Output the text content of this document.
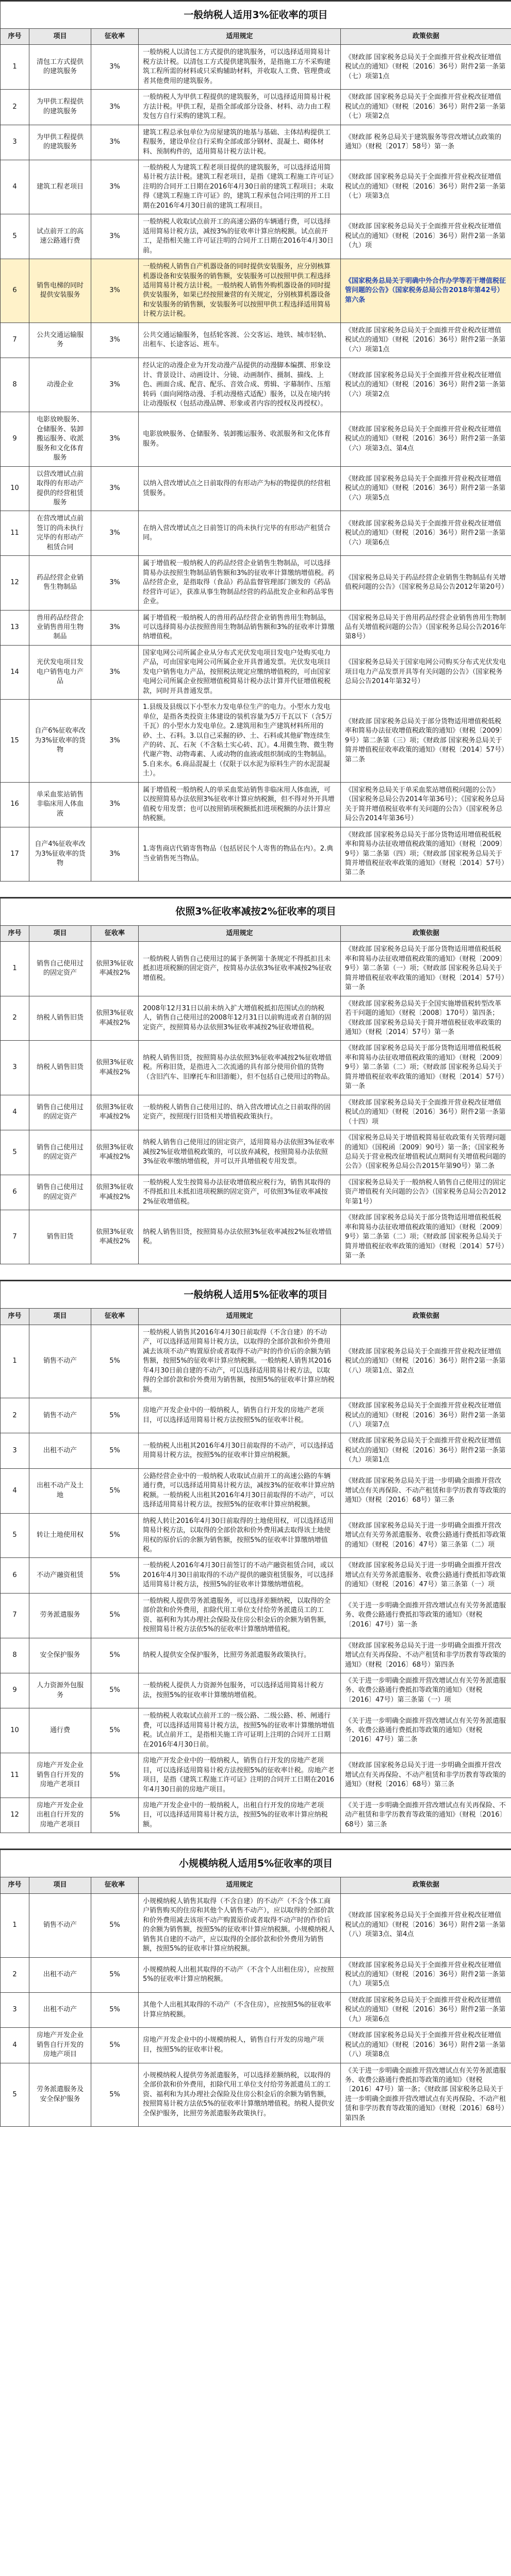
一般纳税人适用3%征收率的项目				
序号	项目	征收率	适用规定	政策依据
1	清包工方式提供的建筑服务	3%	一般纳税人以清包工方式提供的建筑服务，可以选择适用简易计税方法计税。以清包工方式提供建筑服务，是指施工方不采购建筑工程所需的材料或只采购辅助材料，并收取人工费、管理费或者其他费用的建筑服务。	《财政部 国家税务总局关于全面推开营业税改征增值税试点的通知》（财税〔2016〕36号）附件2第一条第（七）项第1点
2	为甲供工程提供的建筑服务	3%	一般纳税人为甲供工程提供的建筑服务，可以选择适用简易计税方法计税。甲供工程，是指全部或部分设备、材料、动力由工程发包方自行采购的建筑工程。	《财政部 国家税务总局关于全面推开营业税改征增值税试点的通知》（财税〔2016〕36号）附件2第一条第（七）项第2点
3	为甲供工程提供的建筑服务	3%	建筑工程总承包单位为房屋建筑的地基与基础、主体结构提供工程服务，建设单位自行采购全部或部分钢材、混凝土、砌体材料、预制构件的，适用简易计税方法计税。	《财政部 税务总局关于建筑服务等营改增试点政策的通知》（财税〔2017〕58号）第一条
4	建筑工程老项目	3%	一般纳税人为建筑工程老项目提供的建筑服务，可以选择适用简易计税方法计税。建筑工程老项目，是指《建筑工程施工许可证》注明的合同开工日期在2016年4月30日前的建筑工程项目；未取得《建筑工程施工许可证》的，建筑工程承包合同注明的开工日期在2016年4月30日前的建筑工程项目。	《财政部 国家税务总局关于全面推开营业税改征增值税试点的通知》（财税〔2016〕36号）附件2第一条第（七）项第3点
5	试点前开工的高速公路通行费	3%	一般纳税人收取试点前开工的高速公路的车辆通行费，可以选择适用简易计税方法，减按3%的征收率计算应纳税额。试点前开工，是指相关施工许可证注明的合同开工日期在2016年4月30日前。	《财政部 国家税务总局关于全面推开营业税改征增值税试点的通知》（财税〔2016〕36号）附件2第一条第（九）项
6	销售电梯的同时提供安装服务	3%	一般纳税人销售自产机器设备的同时提供安装服务，应分别核算机器设备和安装服务的销售额，安装服务可以按照甲供工程选择适用简易计税方法计税。一般纳税人销售外购机器设备的同时提供安装服务，如果已经按照兼营的有关规定，分别核算机器设备和安装服务的销售额，安装服务可以按照甲供工程选择适用简易计税方法计税。	《国家税务总局关于明确中外合作办学等若干增值税征管问题的公告》（国家税务总局公告2018年第42号）第六条
7	公共交通运输服务	3%	公共交通运输服务，包括轮客渡、公交客运、地铁、城市轻轨、出租车、长途客运、班车。	《财政部 国家税务总局关于全面推开营业税改征增值税试点的通知》（财税〔2016〕36号）附件2第一条第（六）项第1点
8	动漫企业	3%	经认定的动漫企业为开发动漫产品提供的动漫脚本编撰、形象设计、背景设计、动画设计、分镜、动画制作、摄制、描线、上色、画面合成、配音、配乐、音效合成、剪辑、字幕制作、压缩转码（面向网络动漫、手机动漫格式适配）服务，以及在境内转让动漫版权（包括动漫品牌、形象或者内容的授权及再授权）。	《财政部 国家税务总局关于全面推开营业税改征增值税试点的通知》（财税〔2016〕36号）附件2第一条第（六）项第2点
9	电影放映服务、仓储服务、装卸搬运服务、收派服务和文化体育服务	3%	电影放映服务、仓储服务、装卸搬运服务、收派服务和文化体育服务。	《财政部 国家税务总局关于全面推开营业税改征增值税试点的通知》（财税〔2016〕36号）附件2第一条第（六）项第3点、第4点
10	以营改增试点前取得的有形动产提供的经营租赁服务	3%	以纳入营改增试点之日前取得的有形动产为标的物提供的经营租赁服务。	《财政部 国家税务总局关于全面推开营业税改征增值税试点的通知》（财税〔2016〕36号）附件2第一条第（六）项第5点
11	在营改增试点前签订的尚未执行完毕的有形动产租赁合同	3%	在纳入营改增试点之日前签订的尚未执行完毕的有形动产租赁合同。	《财政部 国家税务总局关于全面推开营业税改征增值税试点的通知》（财税〔2016〕36号）附件2第一条第（六）项第6点
12	药品经营企业销售生物制品	3%	属于增值税一般纳税人的药品经营企业销售生物制品，可以选择简易办法按照生物制品销售额和3%的征收率计算缴纳增值税。药品经营企业，是指取得（食品）药品监督管理部门颁发的《药品经营许可证》，获准从事生物制品经营的药品批发企业和药品零售企业。	《国家税务总局关于药品经营企业销售生物制品有关增值税问题的公告》（国家税务总局公告2012年第20号）
13	兽用药品经营企业销售兽用生物制品	3%	属于增值税一般纳税人的兽用药品经营企业销售兽用生物制品，可以选择简易办法按照兽用生物制品销售额和3%的征收率计算缴纳增值税。	《国家税务总局关于兽用药品经营企业销售兽用生物制品有关增值税问题的公告》（国家税务总局公告2016年第8号）
14	光伏发电项目发电户销售电力产品	3%	国家电网公司所属企业从分布式光伏发电项目发电户处购买电力产品，可由国家电网公司所属企业开具普通发票。光伏发电项目发电户销售电力产品，按照税法规定应缴纳增值税的，可由国家电网公司所属企业按照增值税简易计税办法计算并代征增值税税款，同时开具普通发票。	《国家税务总局关于国家电网公司购买分布式光伏发电项目电力产品发票开具等有关问题的公告》（国家税务总局公告2014年第32号）
15	自产6%征收率改为3%征收率的货物	3%	1.县级及县级以下小型水力发电单位生产的电力。小型水力发电单位，是指各类投资主体建设的装机容量为5万千瓦以下（含5万千瓦）的小型水力发电单位。2.建筑用和生产建筑材料所用的砂、土、石料。3.以自己采掘的砂、土、石料或其他矿物连续生产的砖、瓦、石灰（不含粘土实心砖、瓦）。4.用微生物、微生物代谢产物、动物毒素、人或动物的血液或组织制成的生物制品。5.自来水。6.商品混凝土（仅限于以水泥为原料生产的水泥混凝土）。	《财政部 国家税务总局关于部分货物适用增值税低税率和简易办法征收增值税政策的通知》（财税〔2009〕9号）第二条第（三）项；《财政部 国家税务总局关于简并增值税征收率政策的通知》（财税〔2014〕57号）第二条
16	单采血浆站销售非临床用人体血液	3%	属于增值税一般纳税人的单采血浆站销售非临床用人体血液，可以按照简易办法依照3%征收率计算应纳税额，但不得对外开具增值税专用发票；也可以按照销项税额抵扣进项税额的办法计算应纳税额。	《国家税务总局关于单采血浆站增值税问题的公告》（国家税务总局公告2014年第36号）；《国家税务总局关于简并增值税征收率有关问题的公告》（国家税务总局公告2014年第36号）
17	自产4%征收率改为3%征收率的货物	3%	1.寄售商店代销寄售物品（包括居民个人寄售的物品在内）。2.典当业销售死当物品。	《财政部 国家税务总局关于部分货物适用增值税低税率和简易办法征收增值税政策的通知》（财税〔2009〕9号）第二条第（四）项；《财政部 国家税务总局关于简并增值税征收率政策的通知》（财税〔2014〕57号）第二条

依照3%征收率减按2%征收率的项目				
序号	项目	征收率	适用规定	政策依据
1	销售自己使用过的固定资产	依照3%征收率减按2%	一般纳税人销售自己使用过的属于条例第十条规定不得抵扣且未抵扣进项税额的固定资产，按简易办法依3%征收率减按2%征收增值税。	《财政部 国家税务总局关于部分货物适用增值税低税率和简易办法征收增值税政策的通知》（财税〔2009〕9号）第二条第（一）项；《财政部 国家税务总局关于简并增值税征收率政策的通知》（财税〔2014〕57号）第一条
2	纳税人销售旧货	依照3%征收率减按2%	2008年12月31日以前未纳入扩大增值税抵扣范围试点的纳税人，销售自己使用过的2008年12月31日以前购进或者自制的固定资产，按照简易办法依照3%征收率减按2%征收增值税。	《财政部 国家税务总局关于全国实施增值税转型改革若干问题的通知》（财税〔2008〕170号）第四条；《财政部 国家税务总局关于简并增值税征收率政策的通知》（财税〔2014〕57号）第一条
3	纳税人销售旧货	依照3%征收率减按2%	纳税人销售旧货，按照简易办法依照3%征收率减按2%征收增值税。所称旧货，是指进入二次流通的具有部分使用价值的货物（含旧汽车、旧摩托车和旧游艇），但不包括自己使用过的物品。	《财政部 国家税务总局关于部分货物适用增值税低税率和简易办法征收增值税政策的通知》（财税〔2009〕9号）第二条第（二）项；《财政部 国家税务总局关于简并增值税征收率政策的通知》（财税〔2014〕57号）第一条
4	销售自己使用过的固定资产	依照3%征收率减按2%	一般纳税人销售自己使用过的、纳入营改增试点之日前取得的固定资产，按照现行旧货相关增值税政策执行。	《财政部 国家税务总局关于全面推开营业税改征增值税试点的通知》（财税〔2016〕36号）附件2第一条第（十四）项
5	销售自己使用过的固定资产	依照3%征收率减按2%	纳税人销售自己使用过的固定资产，适用简易办法依照3%征收率减按2%征收增值税政策的，可以放弃减税，按照简易办法依照3%征收率缴纳增值税，并可以开具增值税专用发票。	《国家税务总局关于增值税简易征收政策有关管理问题的通知》（国税函〔2009〕90号）第一条；《国家税务总局关于营业税改征增值税试点期间有关增值税问题的公告》（国家税务总局公告2015年第90号）第二条
6	销售自己使用过的固定资产	依照3%征收率减按2%	一般纳税人发生按简易办法征收增值税应税行为，销售其取得的不得抵扣且未抵扣进项税额的固定资产，可依照3%征收率减按2%征收增值税。	《国家税务总局关于一般纳税人销售自己使用过的固定资产增值税有关问题的公告》（国家税务总局公告2012年第1号）
7	销售旧货	依照3%征收率减按2%	纳税人销售旧货，按照简易办法依照3%征收率减按2%征收增值税。	《财政部 国家税务总局关于部分货物适用增值税低税率和简易办法征收增值税政策的通知》（财税〔2009〕9号）第二条第（二）项；《财政部 国家税务总局关于简并增值税征收率政策的通知》（财税〔2014〕57号）第一条

一般纳税人适用5%征收率的项目				
序号	项目	征收率	适用规定	政策依据
1	销售不动产	5%	一般纳税人销售其2016年4月30日前取得（不含自建）的不动产，可以选择适用简易计税方法，以取得的全部价款和价外费用减去该项不动产购置原价或者取得不动产时的作价后的余额为销售额，按照5%的征收率计算应纳税额。一般纳税人销售其2016年4月30日前自建的不动产，可以选择适用简易计税方法，以取得的全部价款和价外费用为销售额，按照5%的征收率计算应纳税额。	《财政部 国家税务总局关于全面推开营业税改征增值税试点的通知》（财税〔2016〕36号）附件2第一条第（八）项第1点、第2点
2	销售不动产	5%	房地产开发企业中的一般纳税人，销售自行开发的房地产老项目，可以选择适用简易计税方法按照5%的征收率计税。	《财政部 国家税务总局关于全面推开营业税改征增值税试点的通知》（财税〔2016〕36号）附件2第一条第（八）项第7点
3	出租不动产	5%	一般纳税人出租其2016年4月30日前取得的不动产，可以选择适用简易计税方法，按照5%的征收率计算应纳税额。	《财政部 国家税务总局关于全面推开营业税改征增值税试点的通知》（财税〔2016〕36号）附件2第一条第（九）项第1点
4	出租不动产及土地	5%	公路经营企业中的一般纳税人收取试点前开工的高速公路的车辆通行费，可以选择适用简易计税方法，减按3%的征收率计算应纳税额。一般纳税人出租其2016年4月30日前取得的不动产，可以选择适用简易计税方法，按照5%的征收率计算应纳税额。	《财政部 国家税务总局关于进一步明确全面推开营改增试点有关再保险、不动产租赁和非学历教育等政策的通知》（财税〔2016〕68号）第三条
5	转让土地使用权	5%	纳税人转让2016年4月30日前取得的土地使用权，可以选择适用简易计税方法，以取得的全部价款和价外费用减去取得该土地使用权的原价后的余额为销售额，按照5%的征收率计算缴纳增值税。	《财政部 国家税务总局关于进一步明确全面推开营改增试点有关劳务派遣服务、收费公路通行费抵扣等政策的通知》（财税〔2016〕47号）第三条第（二）项
6	不动产融资租赁	5%	一般纳税人2016年4月30日前签订的不动产融资租赁合同，或以2016年4月30日前取得的不动产提供的融资租赁服务，可以选择适用简易计税方法，按照5%的征收率计算缴纳增值税。	《财政部 国家税务总局关于进一步明确全面推开营改增试点有关劳务派遣服务、收费公路通行费抵扣等政策的通知》（财税〔2016〕47号）第三条第（一）项
7	劳务派遣服务	5%	一般纳税人提供劳务派遣服务，可以选择差额纳税，以取得的全部价款和价外费用，扣除代用工单位支付给劳务派遣员工的工资、福利和为其办理社会保险及住房公积金后的余额为销售额，按照简易计税方法依5%的征收率计算缴纳增值税。	《关于进一步明确全面推开营改增试点有关劳务派遣服务、收费公路通行费抵扣等政策的通知》（财税〔2016〕47号）第一条
8	安全保护服务	5%	纳税人提供安全保护服务，比照劳务派遣服务政策执行。	《财政部 国家税务总局关于进一步明确全面推开营改增试点有关再保险、不动产租赁和非学历教育等政策的通知》（财税〔2016〕68号）第四条
9	人力资源外包服务	5%	一般纳税人提供人力资源外包服务，可以选择适用简易计税方法，按照5%的征收率计算缴纳增值税。	《关于进一步明确全面推开营改增试点有关劳务派遣服务、收费公路通行费抵扣等政策的通知》（财税〔2016〕47号）第三条第（一）项
10	通行费	5%	一般纳税人收取试点前开工的一级公路、二级公路、桥、闸通行费，可以选择适用简易计税方法，按照5%的征收率计算缴纳增值税。试点前开工，是指相关施工许可证明上注明的合同开工日期在2016年4月30日前。	《关于进一步明确全面推开营改增试点有关劳务派遣服务、收费公路通行费抵扣等政策的通知》（财税〔2016〕47号）第二条
11	房地产开发企业销售自行开发的房地产老项目	5%	房地产开发企业中的一般纳税人，销售自行开发的房地产老项目，可以选择适用简易计税方法按照5%的征收率计税。房地产老项目，是指《建筑工程施工许可证》注明的合同开工日期在2016年4月30日前的房地产项目。	《财政部 国家税务总局关于进一步明确全面推开营改增试点有关再保险、不动产租赁和非学历教育等政策的通知》（财税〔2016〕68号）第三条
12	房地产开发企业出租自行开发的房地产老项目	5%	房地产开发企业中的一般纳税人，出租自行开发的房地产老项目，可以选择适用简易计税方法，按照5%的征收率计算应纳税额。	《关于进一步明确全面推开营改增试点有关再保险、不动产租赁和非学历教育等政策的通知》（财税〔2016〕68号）第三条

小规模纳税人适用5%征收率的项目				
序号	项目	征收率	适用规定	政策依据
1	销售不动产	5%	小规模纳税人销售其取得（不含自建）的不动产（不含个体工商户销售购买的住房和其他个人销售不动产），应以取得的全部价款和价外费用减去该项不动产购置原价或者取得不动产时的作价后的余额为销售额，按照5%的征收率计算应纳税额。小规模纳税人销售其自建的不动产，应以取得的全部价款和价外费用为销售额，按照5%的征收率计算应纳税额。	《财政部 国家税务总局关于全面推开营业税改征增值税试点的通知》（财税〔2016〕36号）附件2第一条第（八）项第3点、第4点
2	出租不动产	5%	小规模纳税人出租其取得的不动产（不含个人出租住房），应按照5%的征收率计算应纳税额。	《财政部 国家税务总局关于全面推开营业税改征增值税试点的通知》（财税〔2016〕36号）附件2第一条第（九）项第5点
3	出租不动产	5%	其他个人出租其取得的不动产（不含住房），应按照5%的征收率计算应纳税额。	《财政部 国家税务总局关于全面推开营业税改征增值税试点的通知》（财税〔2016〕36号）附件2第一条第（九）项第6点
4	房地产开发企业销售自行开发的房地产项目	5%	房地产开发企业中的小规模纳税人，销售自行开发的房地产项目，按照5%的征收率计税。	《财政部 国家税务总局关于全面推开营业税改征增值税试点的通知》（财税〔2016〕36号）附件2第一条第（八）项第8点
5	劳务派遣服务及安全保护服务	5%	小规模纳税人提供劳务派遣服务，可以选择差额纳税，以取得的全部价款和价外费用，扣除代用工单位支付给劳务派遣员工的工资、福利和为其办理社会保险及住房公积金后的余额为销售额，按照简易计税方法依5%的征收率计算缴纳增值税。纳税人提供安全保护服务，比照劳务派遣服务政策执行。	《关于进一步明确全面推开营改增试点有关劳务派遣服务、收费公路通行费抵扣等政策的通知》（财税〔2016〕47号）第一条；《财政部 国家税务总局关于进一步明确全面推开营改增试点有关再保险、不动产租赁和非学历教育等政策的通知》（财税〔2016〕68号）第四条
